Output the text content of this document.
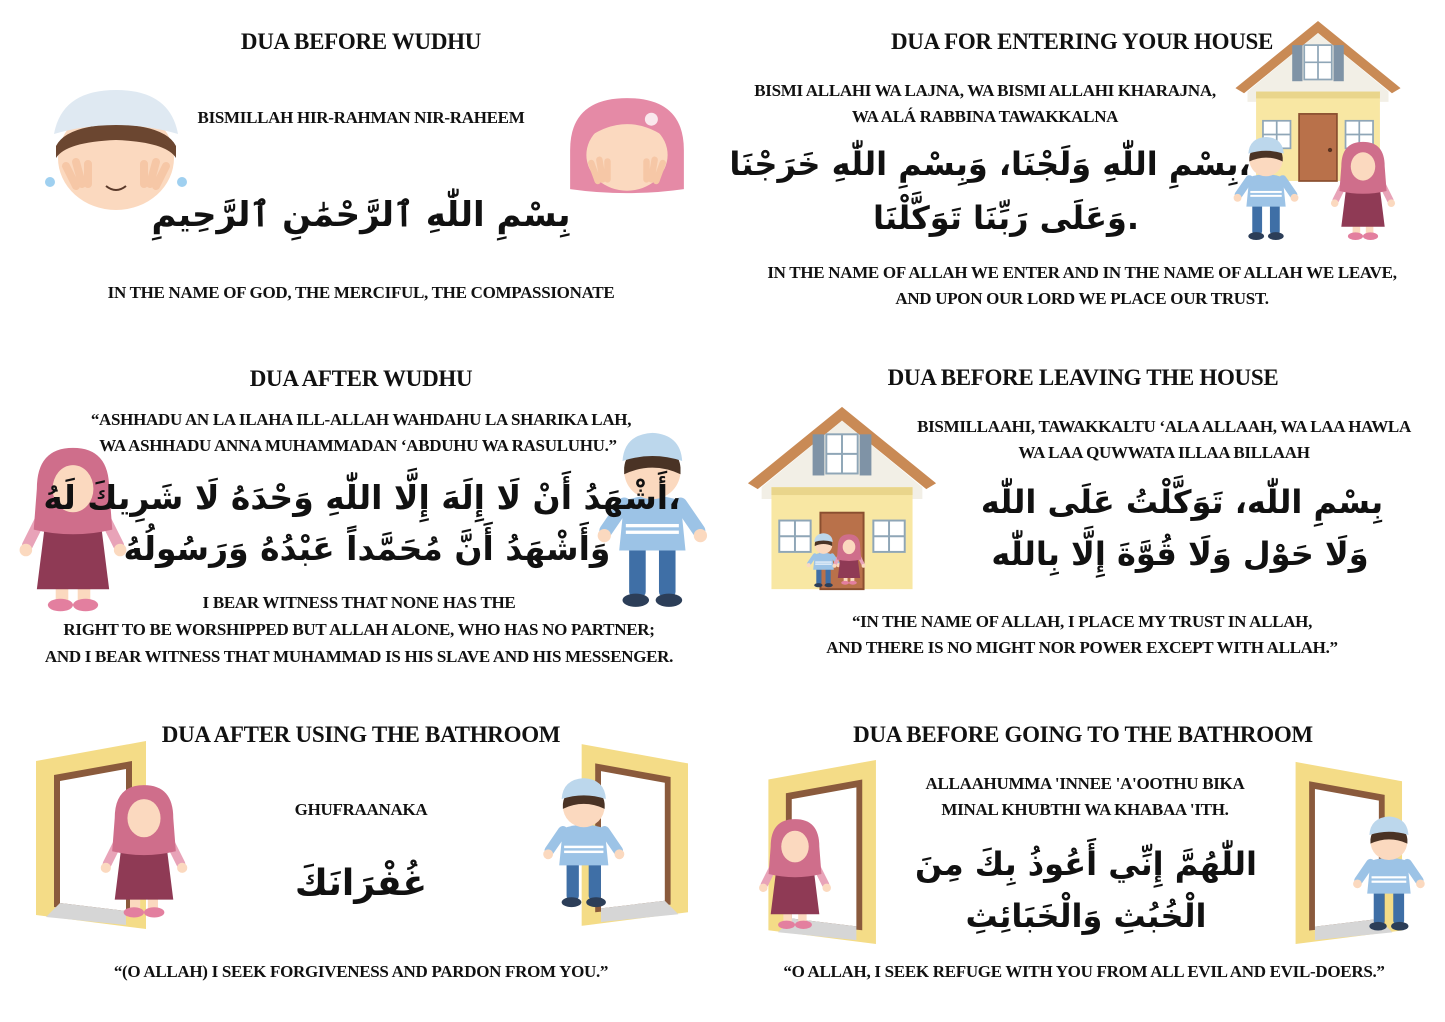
DUA BEFORE WUDHU
BISMILLAH HIR-RAHMAN NIR-RAHEEM
بِسْمِ اللّٰهِ ٱلرَّحْمَٰنِ ٱلرَّحِيمِ
IN THE NAME OF GOD, THE MERCIFUL, THE COMPASSIONATE
DUA FOR ENTERING YOUR HOUSE
BISMI ALLAHI WA LAJNA, WA BISMI ALLAHI KHARAJNA,
WA ALÁ RABBINA TAWAKKALNA
بِسْمِ اللّٰهِ وَلَجْنَا، وَبِسْمِ اللّٰهِ خَرَجْنَا،
وَعَلَى رَبِّنَا تَوَكَّلْنَا.
IN THE NAME OF ALLAH WE ENTER AND IN THE NAME OF ALLAH WE LEAVE,
AND UPON OUR LORD WE PLACE OUR TRUST.
DUA AFTER WUDHU
“ASHHADU AN LA ILAHA ILL-ALLAH WAHDAHU LA SHARIKA LAH,
WA ASHHADU ANNA MUHAMMADAN ‘ABDUHU WA RASULUHU.”
أَشْهَدُ أَنْ لَا إِلَهَ إِلَّا اللّٰهِ وَحْدَهُ لَا شَرِيكَ لَهُ،
وَأَشْهَدُ أَنَّ مُحَمَّداً عَبْدُهُ وَرَسُولُهُ
I BEAR WITNESS THAT NONE HAS THE
RIGHT TO BE WORSHIPPED BUT ALLAH ALONE, WHO HAS NO PARTNER;
AND I BEAR WITNESS THAT MUHAMMAD IS HIS SLAVE AND HIS MESSENGER.
DUA BEFORE LEAVING THE HOUSE
BISMILLAAHI, TAWAKKALTU ‘ALA ALLAAH, WA LAA HAWLA
WA LAA QUWWATA ILLAA BILLAAH
بِسْمِ اللّٰه، تَوَكَّلْتُ عَلَى اللّٰه
وَلَا حَوْل وَلَا قُوَّةَ إِلَّا بِاللّٰه
“IN THE NAME OF ALLAH, I PLACE MY TRUST IN ALLAH,
AND THERE IS NO MIGHT NOR POWER EXCEPT WITH ALLAH.”
DUA AFTER USING THE BATHROOM
GHUFRAANAKA
غُفْرَانَكَ
“(O ALLAH) I SEEK FORGIVENESS AND PARDON FROM YOU.”
DUA BEFORE GOING TO THE BATHROOM
ALLAAHUMMA 'INNEE 'A'OOTHU BIKA
MINAL KHUBTHI WA KHABAA 'ITH.
اللّٰهُمَّ إِنِّي أَعُوذُ بِكَ مِنَ
الْخُبُثِ وَالْخَبَائِثِ
“O ALLAH, I SEEK REFUGE WITH YOU FROM ALL EVIL AND EVIL-DOERS.”
